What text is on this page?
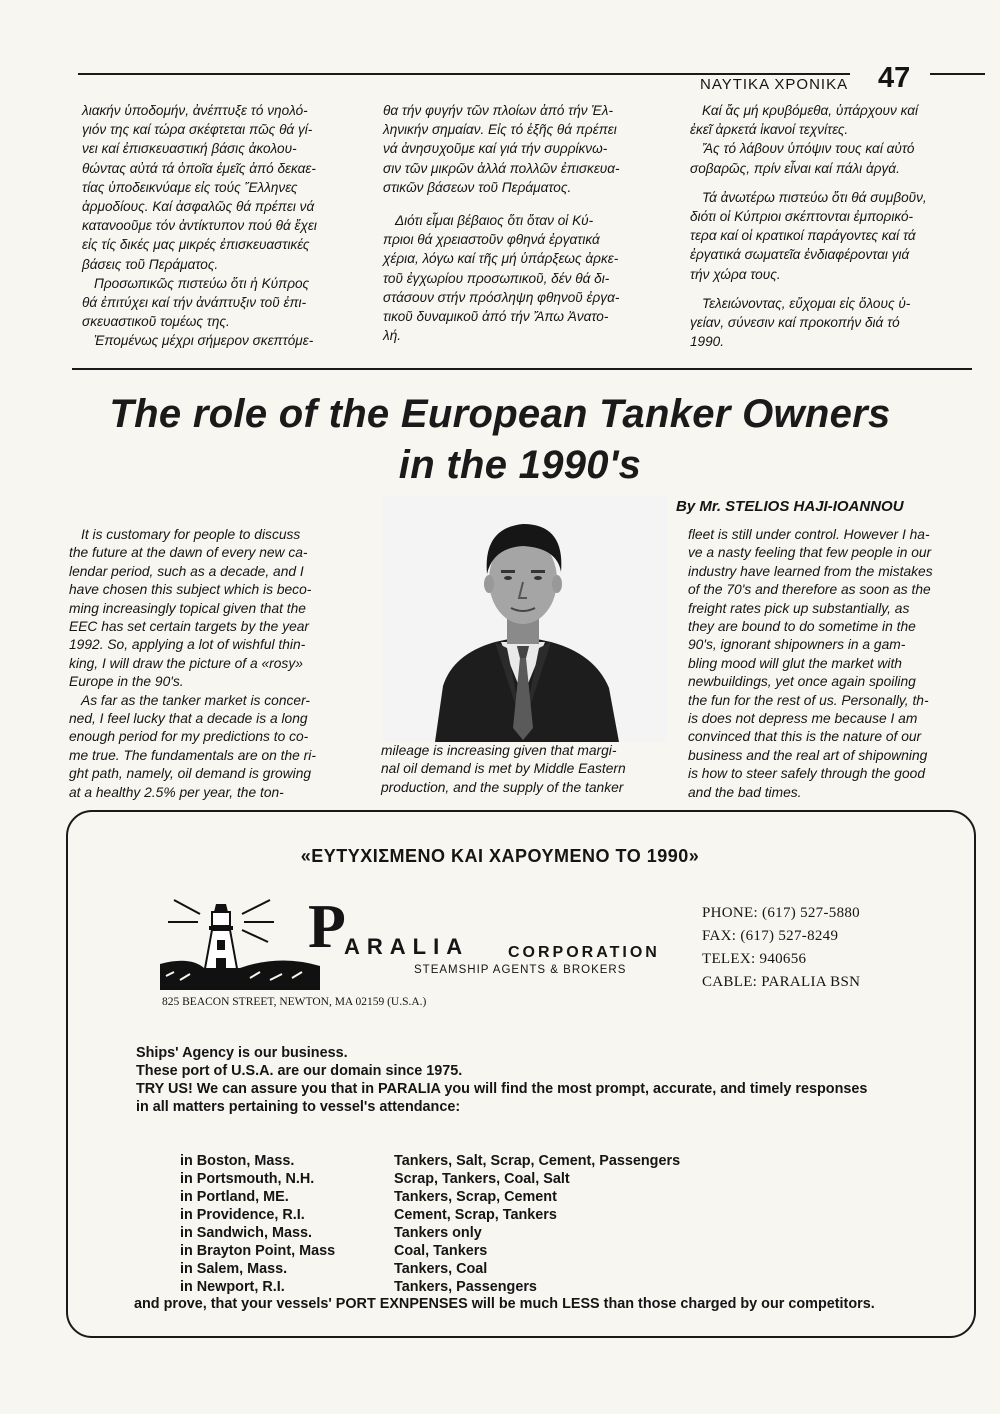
ΝΑΥΤΙΚΑ ΧΡΟΝΙΚΑ 47

λιακήν ὑποδομήν, ἀνέπτυξε τό νηολό-
γιόν της καί τώρα σκέφτεται πῶς θά γί-
νει καί ἐπισκευαστική βάσις ἀκολου-
θώντας αὐτά τά ὁποῖα ἐμεῖς ἀπό δεκαε-
τίας ὑποδεικνύαμε εἰς τούς Ἕλληνες
ἁρμοδίους. Καί ἀσφαλῶς θά πρέπει νά
κατανοοῦμε τόν ἀντίκτυπον πού θά ἔχει
εἰς τίς δικές μας μικρές ἐπισκευαστικές
βάσεις τοῦ Περάματος.

Προσωπικῶς πιστεύω ὅτι ἡ Κύπρος
θά ἐπιτύχει καί τήν ἀνάπτυξιν τοῦ ἐπι-
σκευαστικοῦ τομέως της.

Ἑπομένως μέχρι σήμερον σκεπτόμε-

θα τήν φυγήν τῶν πλοίων ἀπό τήν Ἑλ-
ληνικήν σημαίαν. Εἰς τό ἑξῆς θά πρέπει
νά ἀνησυχοῦμε καί γιά τήν συρρίκνω-
σιν τῶν μικρῶν ἀλλά πολλῶν ἐπισκευα-
στικῶν βάσεων τοῦ Περάματος.

Διότι εἶμαι βέβαιος ὅτι ὅταν οἱ Κύ-
πριοι θά χρειαστοῦν φθηνά ἐργατικά
χέρια, λόγω καί τῆς μή ὑπάρξεως ἀρκε-
τοῦ ἐγχωρίου προσωπικοῦ, δέν θά δι-
στάσουν στήν πρόσληψη φθηνοῦ ἐργα-
τικοῦ δυναμικοῦ ἀπό τήν Ἄπω Ἀνατο-
λή.

Καί ἄς μή κρυβόμεθα, ὑπάρχουν καί
ἐκεῖ ἀρκετά ἱκανοί τεχνίτες.

Ἄς τό λάβουν ὑπόψιν τους καί αὐτό
σοβαρῶς, πρίν εἶναι καί πάλι ἀργά.

Τά ἀνωτέρω πιστεύω ὅτι θά συμβοῦν,
διότι οἱ Κύπριοι σκέπτονται ἐμπορικό-
τερα καί οἱ κρατικοί παράγοντες καί τά
ἐργατικά σωματεῖα ἐνδιαφέρονται γιά
τήν χώρα τους.

Τελειώνοντας, εὔχομαι εἰς ὅλους ὑ-
γείαν, σύνεσιν καί προκοπήν διά τό
1990.

The role of the European Tanker Owners
in the 1990's
By Mr. STELIOS HAJI-IOANNOU

It is customary for people to discuss
the future at the dawn of every new ca-
lendar period, such as a decade, and I
have chosen this subject which is beco-
ming increasingly topical given that the
EEC has set certain targets by the year
1992. So, applying a lot of wishful thin-
king, I will draw the picture of a «rosy»
Europe in the 90's.

As far as the tanker market is concer-
ned, I feel lucky that a decade is a long
enough period for my predictions to co-
me true. The fundamentals are on the ri-
ght path, namely, oil demand is growing
at a healthy 2.5% per year, the ton-

mileage is increasing given that margi-
nal oil demand is met by Middle Eastern
production, and the supply of the tanker

fleet is still under control. However I ha-
ve a nasty feeling that few people in our
industry have learned from the mistakes
of the 70's and therefore as soon as the
freight rates pick up substantially, as
they are bound to do sometime in the
90's, ignorant shipowners in a gam-
bling mood will glut the market with
newbuildings, yet once again spoiling
the fun for the rest of us. Personally, th-
is does not depress me because I am
convinced that this is the nature of our
business and the real art of shipowning
is how to steer safely through the good
and the bad times.

«ΕΥΤΥΧΙΣΜΕΝΟ ΚΑΙ ΧΑΡΟΥΜΕΝΟ ΤΟ 1990»
P
ARALIA CORPORATION
STEAMSHIP AGENTS & BROKERS
825 BEACON STREET, NEWTON, MA 02159 (U.S.A.)
PHONE: (617) 527-5880
FAX: (617) 527-8249
TELEX: 940656
CABLE: PARALIA BSN
Ships' Agency is our business.
These port of U.S.A. are our domain since 1975.
TRY US! We can assure you that in PARALIA you will find the most prompt, accurate, and timely responses
in all matters pertaining to vessel's attendance:
in Boston, Mass.	Tankers, Salt, Scrap, Cement, Passengers
in Portsmouth, N.H.	Scrap, Tankers, Coal, Salt
in Portland, ME.	Tankers, Scrap, Cement
in Providence, R.I.	Cement, Scrap, Tankers
in Sandwich, Mass.	Tankers only
in Brayton Point, Mass	Coal, Tankers
in Salem, Mass.	Tankers, Coal
in Newport, R.I.	Tankers, Passengers
and prove, that your vessels' PORT EXNPENSES will be much LESS than those charged by our competitors.
